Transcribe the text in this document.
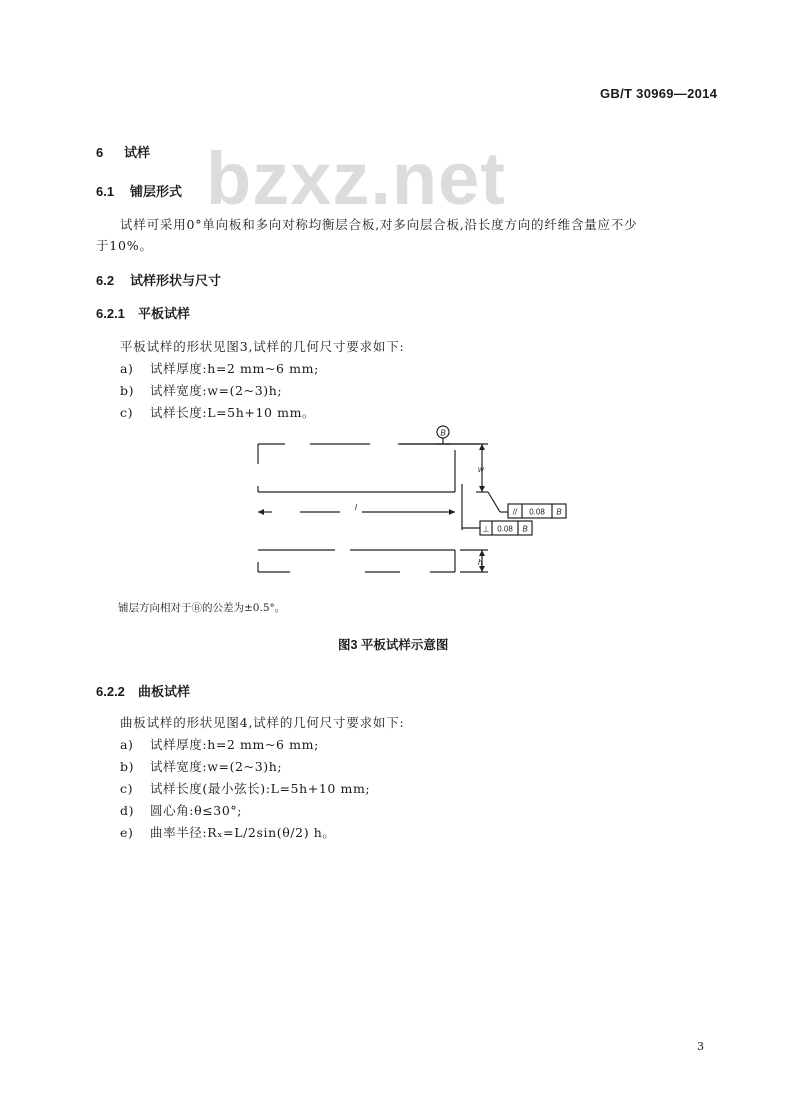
GB/T 30969—2014
bzxz.net
6 试样
6.1 铺层形式
试样可采用0°单向板和多向对称均衡层合板,对多向层合板,沿长度方向的纤维含量应不少
于10%。
6.2 试样形状与尺寸
6.2.1 平板试样
平板试样的形状见图3,试样的几何尺寸要求如下:
a) 试样厚度:h=2 mm~6 mm;
b) 试样宽度:w=(2~3)h;
c) 试样长度:L=5h+10 mm。
B
w
l	// 0.08 B
⊥ 0.08 B
h
铺层方向相对于Ⓑ的公差为±0.5°。
图3 平板试样示意图
6.2.2 曲板试样
曲板试样的形状见图4,试样的几何尺寸要求如下:
a) 试样厚度:h=2 mm~6 mm;
b) 试样宽度:w=(2~3)h;
c) 试样长度(最小弦长):L=5h+10 mm;
d) 圆心角:θ≤30°;
e) 曲率半径:Rₓ=L/2sin(θ/2) h。
3
